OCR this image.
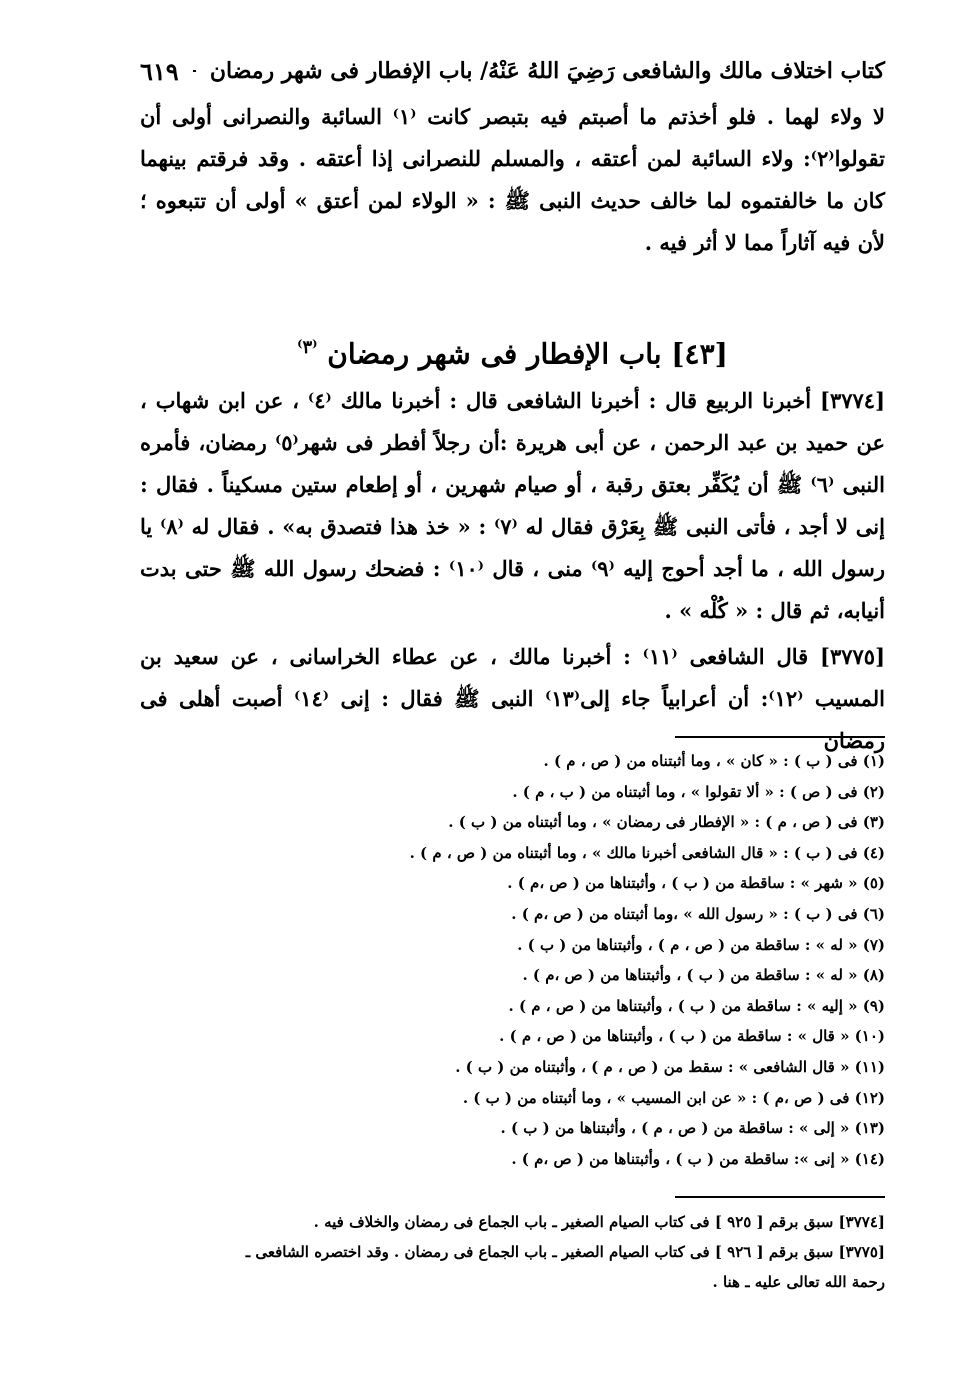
كتاب اختلاف مالك والشافعى رَضِيَ اللهُ عَنْهُ/ باب الإفطار فى شهر رمضان
٦١٩

لا ولاء لهما . فلو أخذتم ما أصبتم فيه بتبصر كانت ⁽١⁾ السائبة والنصرانى أولى أن تقولوا⁽٢⁾: ولاء السائبة لمن أعتقه ، والمسلم للنصرانى إذا أعتقه . وقد فرقتم بينهما كان ما خالفتموه لما خالف حديث النبى ﷺ : « الولاء لمن أعتق » أولى أن تتبعوه ؛ لأن فيه آثاراً مما لا أثر فيه .

[٤٣] باب الإفطار فى شهر رمضان $^{^(٣^)}$

[٣٧٧٤] أخبرنا الربيع قال : أخبرنا الشافعى قال : أخبرنا مالك ⁽٤⁾ ، عن ابن شهاب ، عن حميد بن عبد الرحمن ، عن أبى هريرة :أن رجلاً أفطر فى شهر⁽٥⁾ رمضان، فأمره النبى ⁽٦⁾ ﷺ أن يُكَفِّر بعتق رقبة ، أو صيام شهرين ، أو إطعام ستين مسكيناً . فقال : إنى لا أجد ، فأتى النبى ﷺ بِعَرْق فقال له ⁽٧⁾ : « خذ هذا فتصدق به» . فقال له ⁽٨⁾ يا رسول الله ، ما أجد أحوج إليه ⁽٩⁾ منى ، قال ⁽١٠⁾ : فضحك رسول الله ﷺ حتى بدت أنيابه، ثم قال : « كُلْه » .

[٣٧٧٥] قال الشافعى ⁽١١⁾ : أخبرنا مالك ، عن عطاء الخراسانى ، عن سعيد بن المسيب ⁽١٢⁾: أن أعرابياً جاء إلى⁽١٣⁾ النبى ﷺ فقال : إنى ⁽١٤⁾ أصبت أهلى فى رمضان

(١) فى ( ب ) : « كان » ، وما أثبتناه من ( ص ، م ) .
(٢) فى ( ص ) : « ألا تقولوا » ، وما أثبتناه من ( ب ، م ) .
(٣) فى ( ص ، م ) : « الإفطار فى رمضان » ، وما أثبتناه من ( ب ) .
(٤) فى ( ب ) : « قال الشافعى أخبرنا مالك » ، وما أثبتناه من ( ص ، م ) .
(٥) « شهر » : ساقطة من ( ب ) ، وأثبتناها من ( ص ،م ) .
(٦) فى ( ب ) : « رسول الله » ،وما أثبتناه من ( ص ،م ) .
(٧) « له » : ساقطة من ( ص ، م ) ، وأثبتناها من ( ب ) .
(٨) « له » : ساقطة من ( ب ) ، وأثبتناها من ( ص ،م ) .
(٩) « إليه » : ساقطة من ( ب ) ، وأثبتناها من ( ص ، م ) .
(١٠) « قال » : ساقطة من ( ب ) ، وأثبتناها من ( ص ، م ) .
(١١) « قال الشافعى » : سقط من ( ص ، م ) ، وأثبتناه من ( ب ) .
(١٢) فى ( ص ،م ) : « عن ابن المسيب » ، وما أثبتناه من ( ب ) .
(١٣) « إلى » : ساقطة من ( ص ، م ) ، وأثبتناها من ( ب ) .
(١٤) « إنى »: ساقطة من ( ب ) ، وأثبتناها من ( ص ،م ) .

[٣٧٧٤] سبق برقم [ ٩٢٥ ] فى كتاب الصيام الصغير ـ باب الجماع فى رمضان والخلاف فيه .

[٣٧٧٥] سبق برقم [ ٩٢٦ ] فى كتاب الصيام الصغير ـ باب الجماع فى رمضان . وقد اختصره الشافعى ـ

رحمة الله تعالى عليه ـ هنا .
